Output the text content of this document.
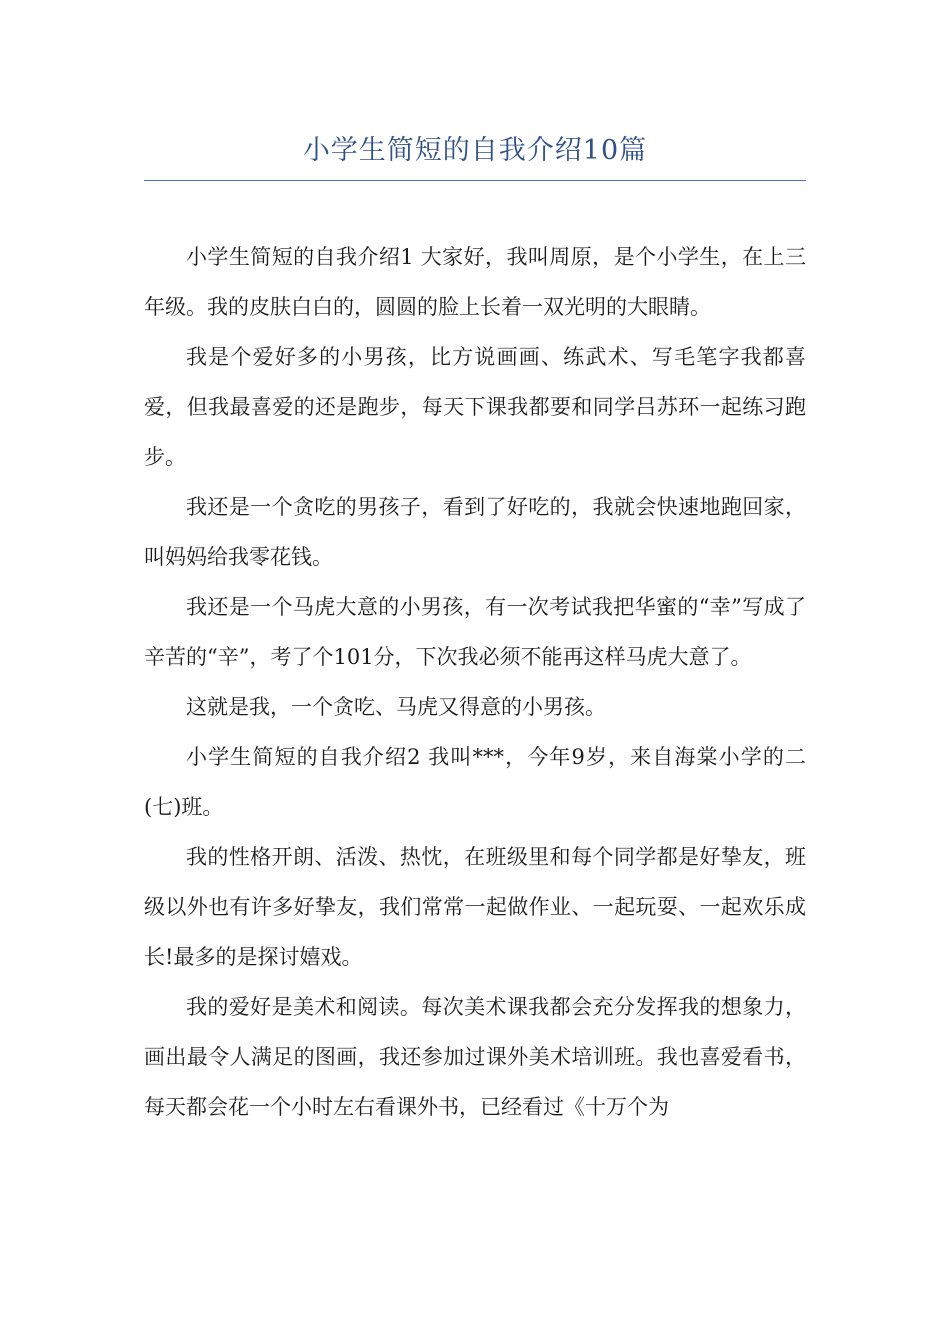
小学生简短的自我介绍10篇

小学生简短的自我介绍1 大家好，我叫周原，是个小学生，在上三年级。我的皮肤白白的，圆圆的脸上长着一双光明的大眼睛。

我是个爱好多的小男孩，比方说画画、练武术、写毛笔字我都喜爱，但我最喜爱的还是跑步，每天下课我都要和同学吕苏环一起练习跑步。

我还是一个贪吃的男孩子，看到了好吃的，我就会快速地跑回家，叫妈妈给我零花钱。

我还是一个马虎大意的小男孩，有一次考试我把华蜜的“幸”写成了辛苦的“辛”，考了个101分，下次我必须不能再这样马虎大意了。

这就是我，一个贪吃、马虎又得意的小男孩。

小学生简短的自我介绍2 我叫***，今年9岁，来自海棠小学的二(七)班。

我的性格开朗、活泼、热忱，在班级里和每个同学都是好挚友，班级以外也有许多好挚友，我们常常一起做作业、一起玩耍、一起欢乐成长!最多的是探讨嬉戏。

我的爱好是美术和阅读。每次美术课我都会充分发挥我的想象力，画出最令人满足的图画，我还参加过课外美术培训班。我也喜爱看书，每天都会花一个小时左右看课外书，已经看过《十万个为
